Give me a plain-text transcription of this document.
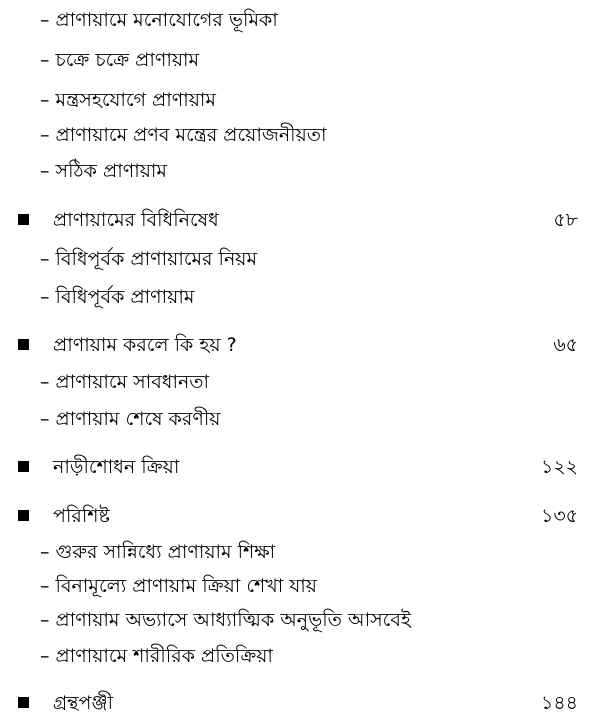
– প্রাণায়ামে মনোযোগের ভূমিকা
– চক্রে চক্রে প্রাণায়াম
– মন্ত্রসহযোগে প্রাণায়াম
– প্রাণায়ামে প্রণব মন্ত্রের প্রয়োজনীয়তা
– সঠিক প্রাণায়াম
প্রাণায়ামের বিধিনিষেধ	৫৮
– বিধিপূর্বক প্রাণায়ামের নিয়ম
– বিধিপূর্বক প্রাণায়াম
প্রাণায়াম করলে কি হয় ?	৬৫
– প্রাণায়ামে সাবধানতা
– প্রাণায়াম শেষে করণীয়
নাড়ীশোধন ক্রিয়া	১২২
পরিশিষ্ট	১৩৫
– গুরুর সান্নিধ্যে প্রাণায়াম শিক্ষা
– বিনামূল্যে প্রাণায়াম ক্রিয়া শেখা যায়
– প্রাণায়াম অভ্যাসে আধ্যাত্মিক অনুভূতি আসবেই
– প্রাণায়ামে শারীরিক প্রতিক্রিয়া
গ্রন্থপঞ্জী	১৪৪
